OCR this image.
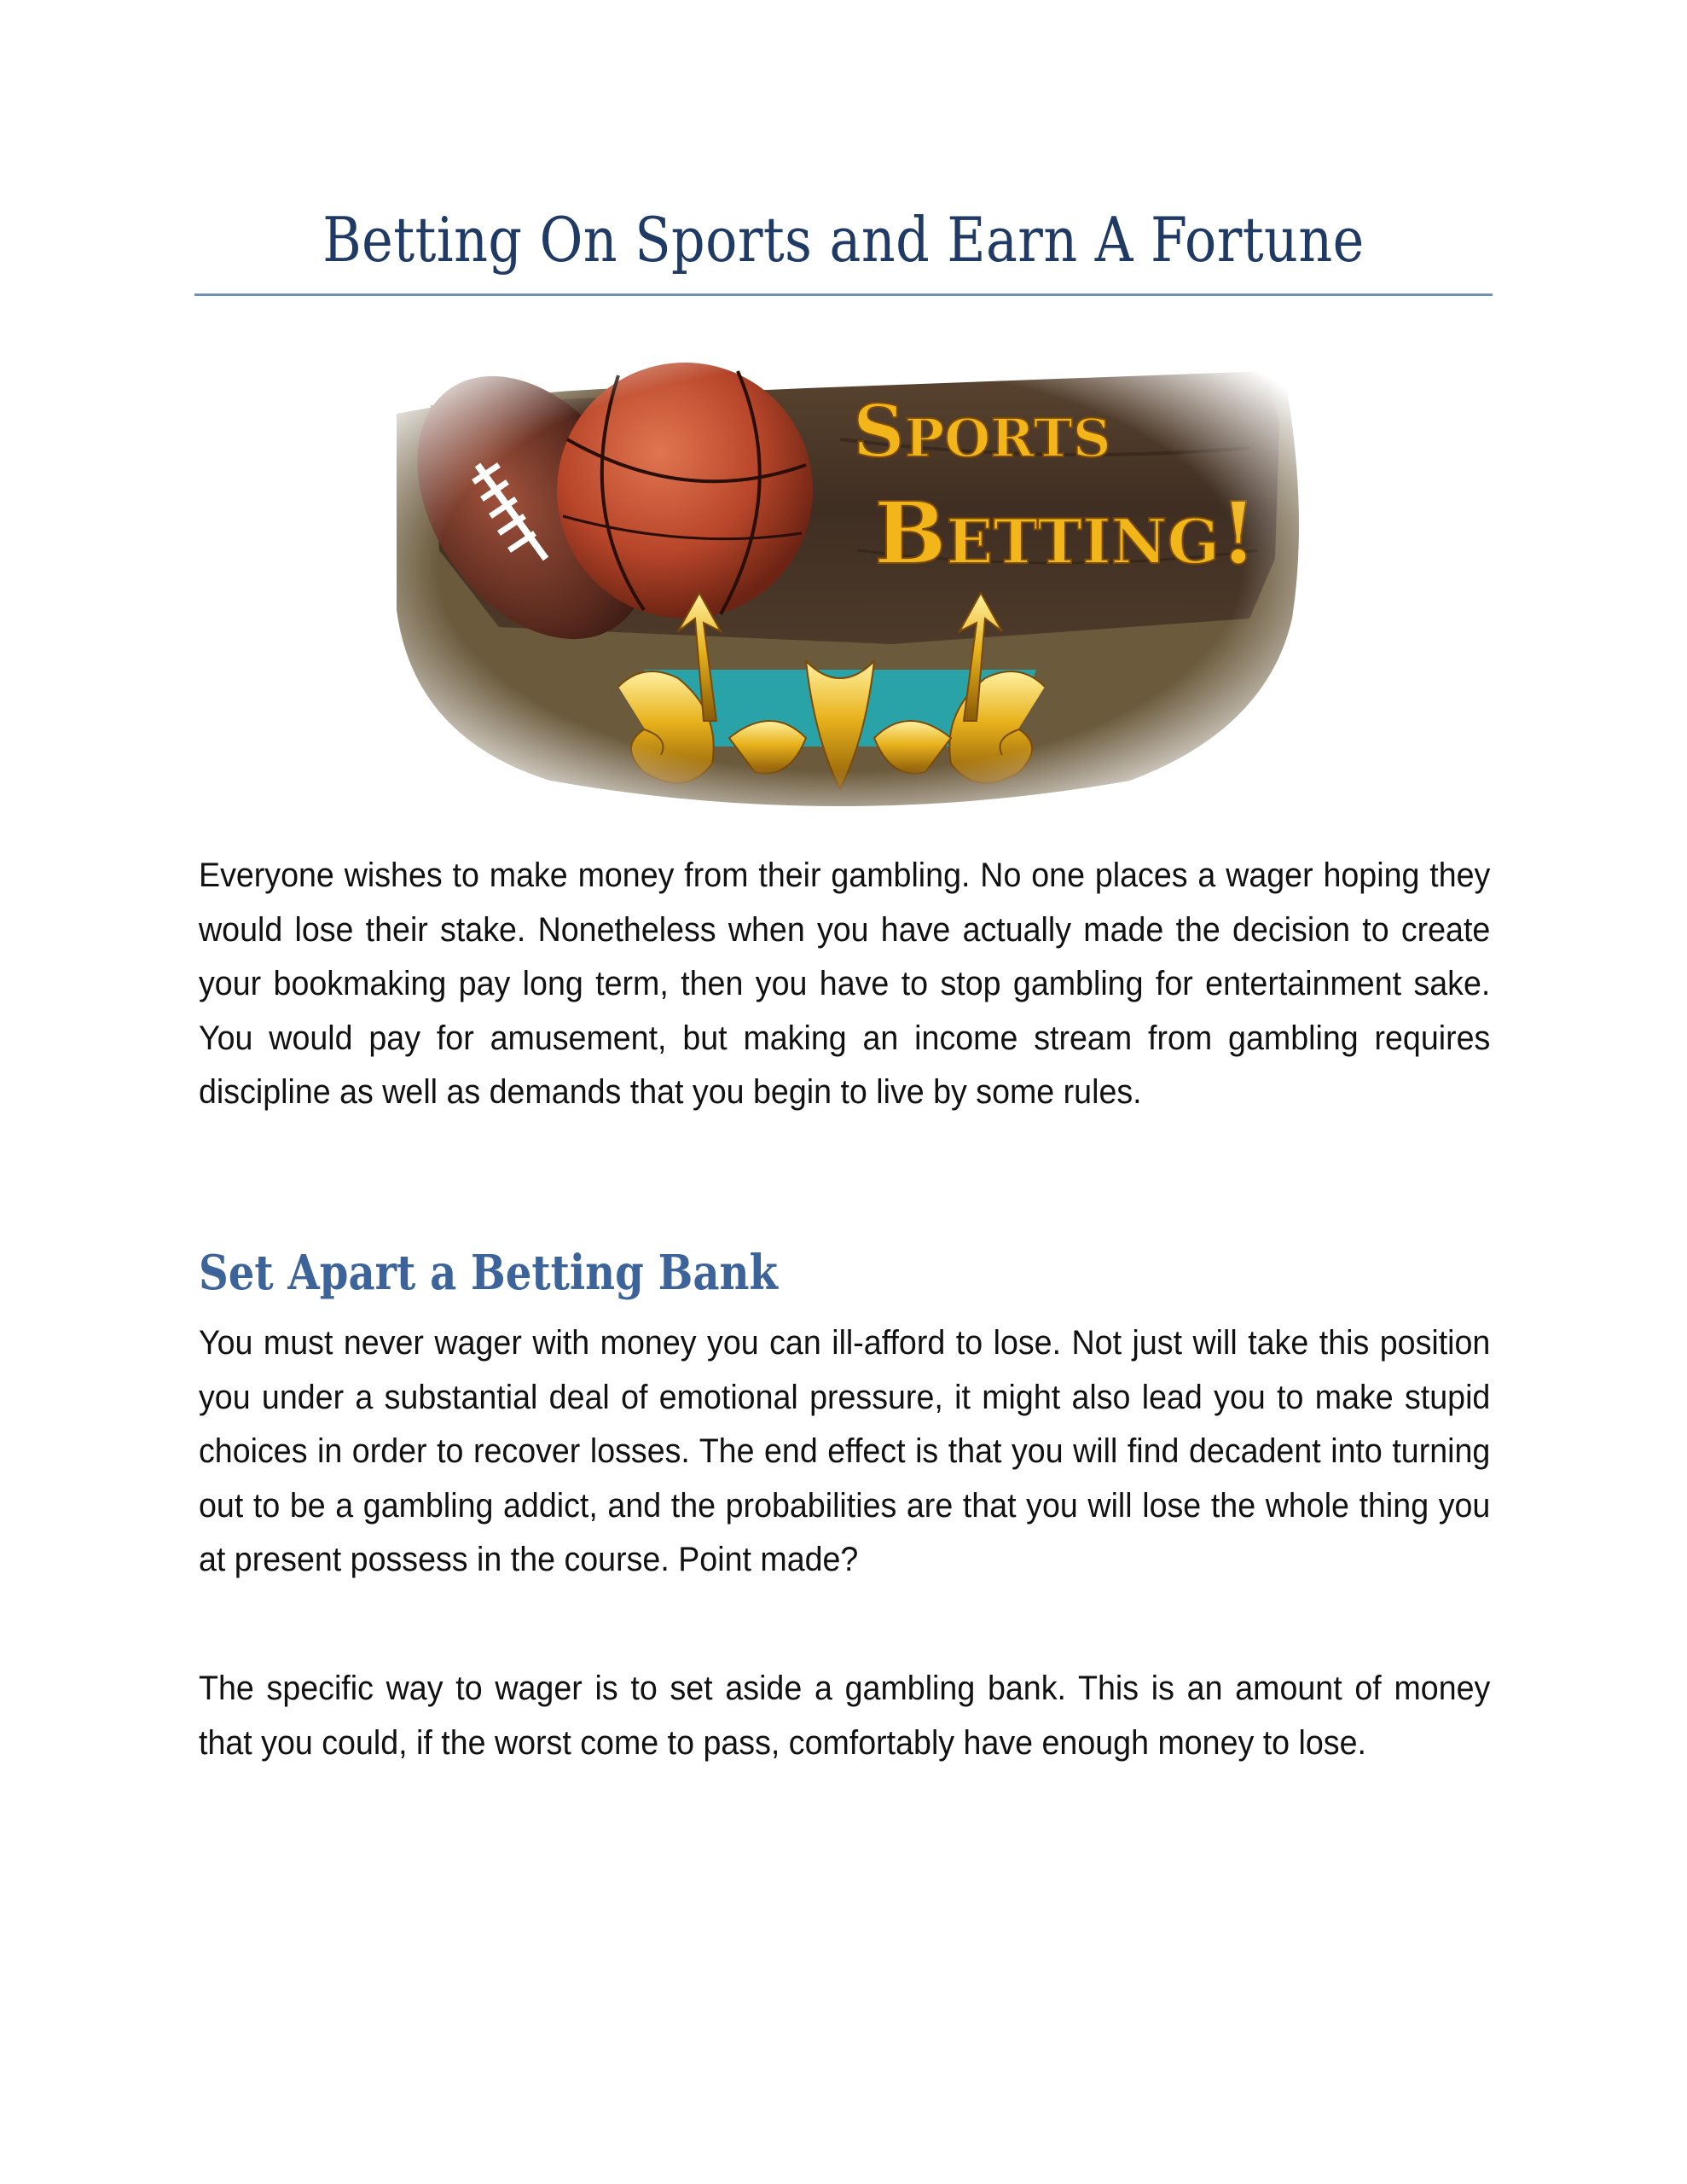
Betting On Sports and Earn A Fortune

Everyone wishes to make money from their gambling. No one places a wager hoping they would lose their stake. Nonetheless when you have actually made the decision to create your bookmaking pay long term, then you have to stop gambling for entertainment sake. You would pay for amusement, but making an income stream from gambling requires discipline as well as demands that you begin to live by some rules.

Set Apart a Betting Bank

You must never wager with money you can ill-afford to lose. Not just will take this position you under a substantial deal of emotional pressure, it might also lead you to make stupid choices in order to recover losses. The end effect is that you will find decadent into turning out to be a gambling addict, and the probabilities are that you will lose the whole thing you at present possess in the course. Point made?

The specific way to wager is to set aside a gambling bank. This is an amount of money that you could, if the worst come to pass, comfortably have enough money to lose.
